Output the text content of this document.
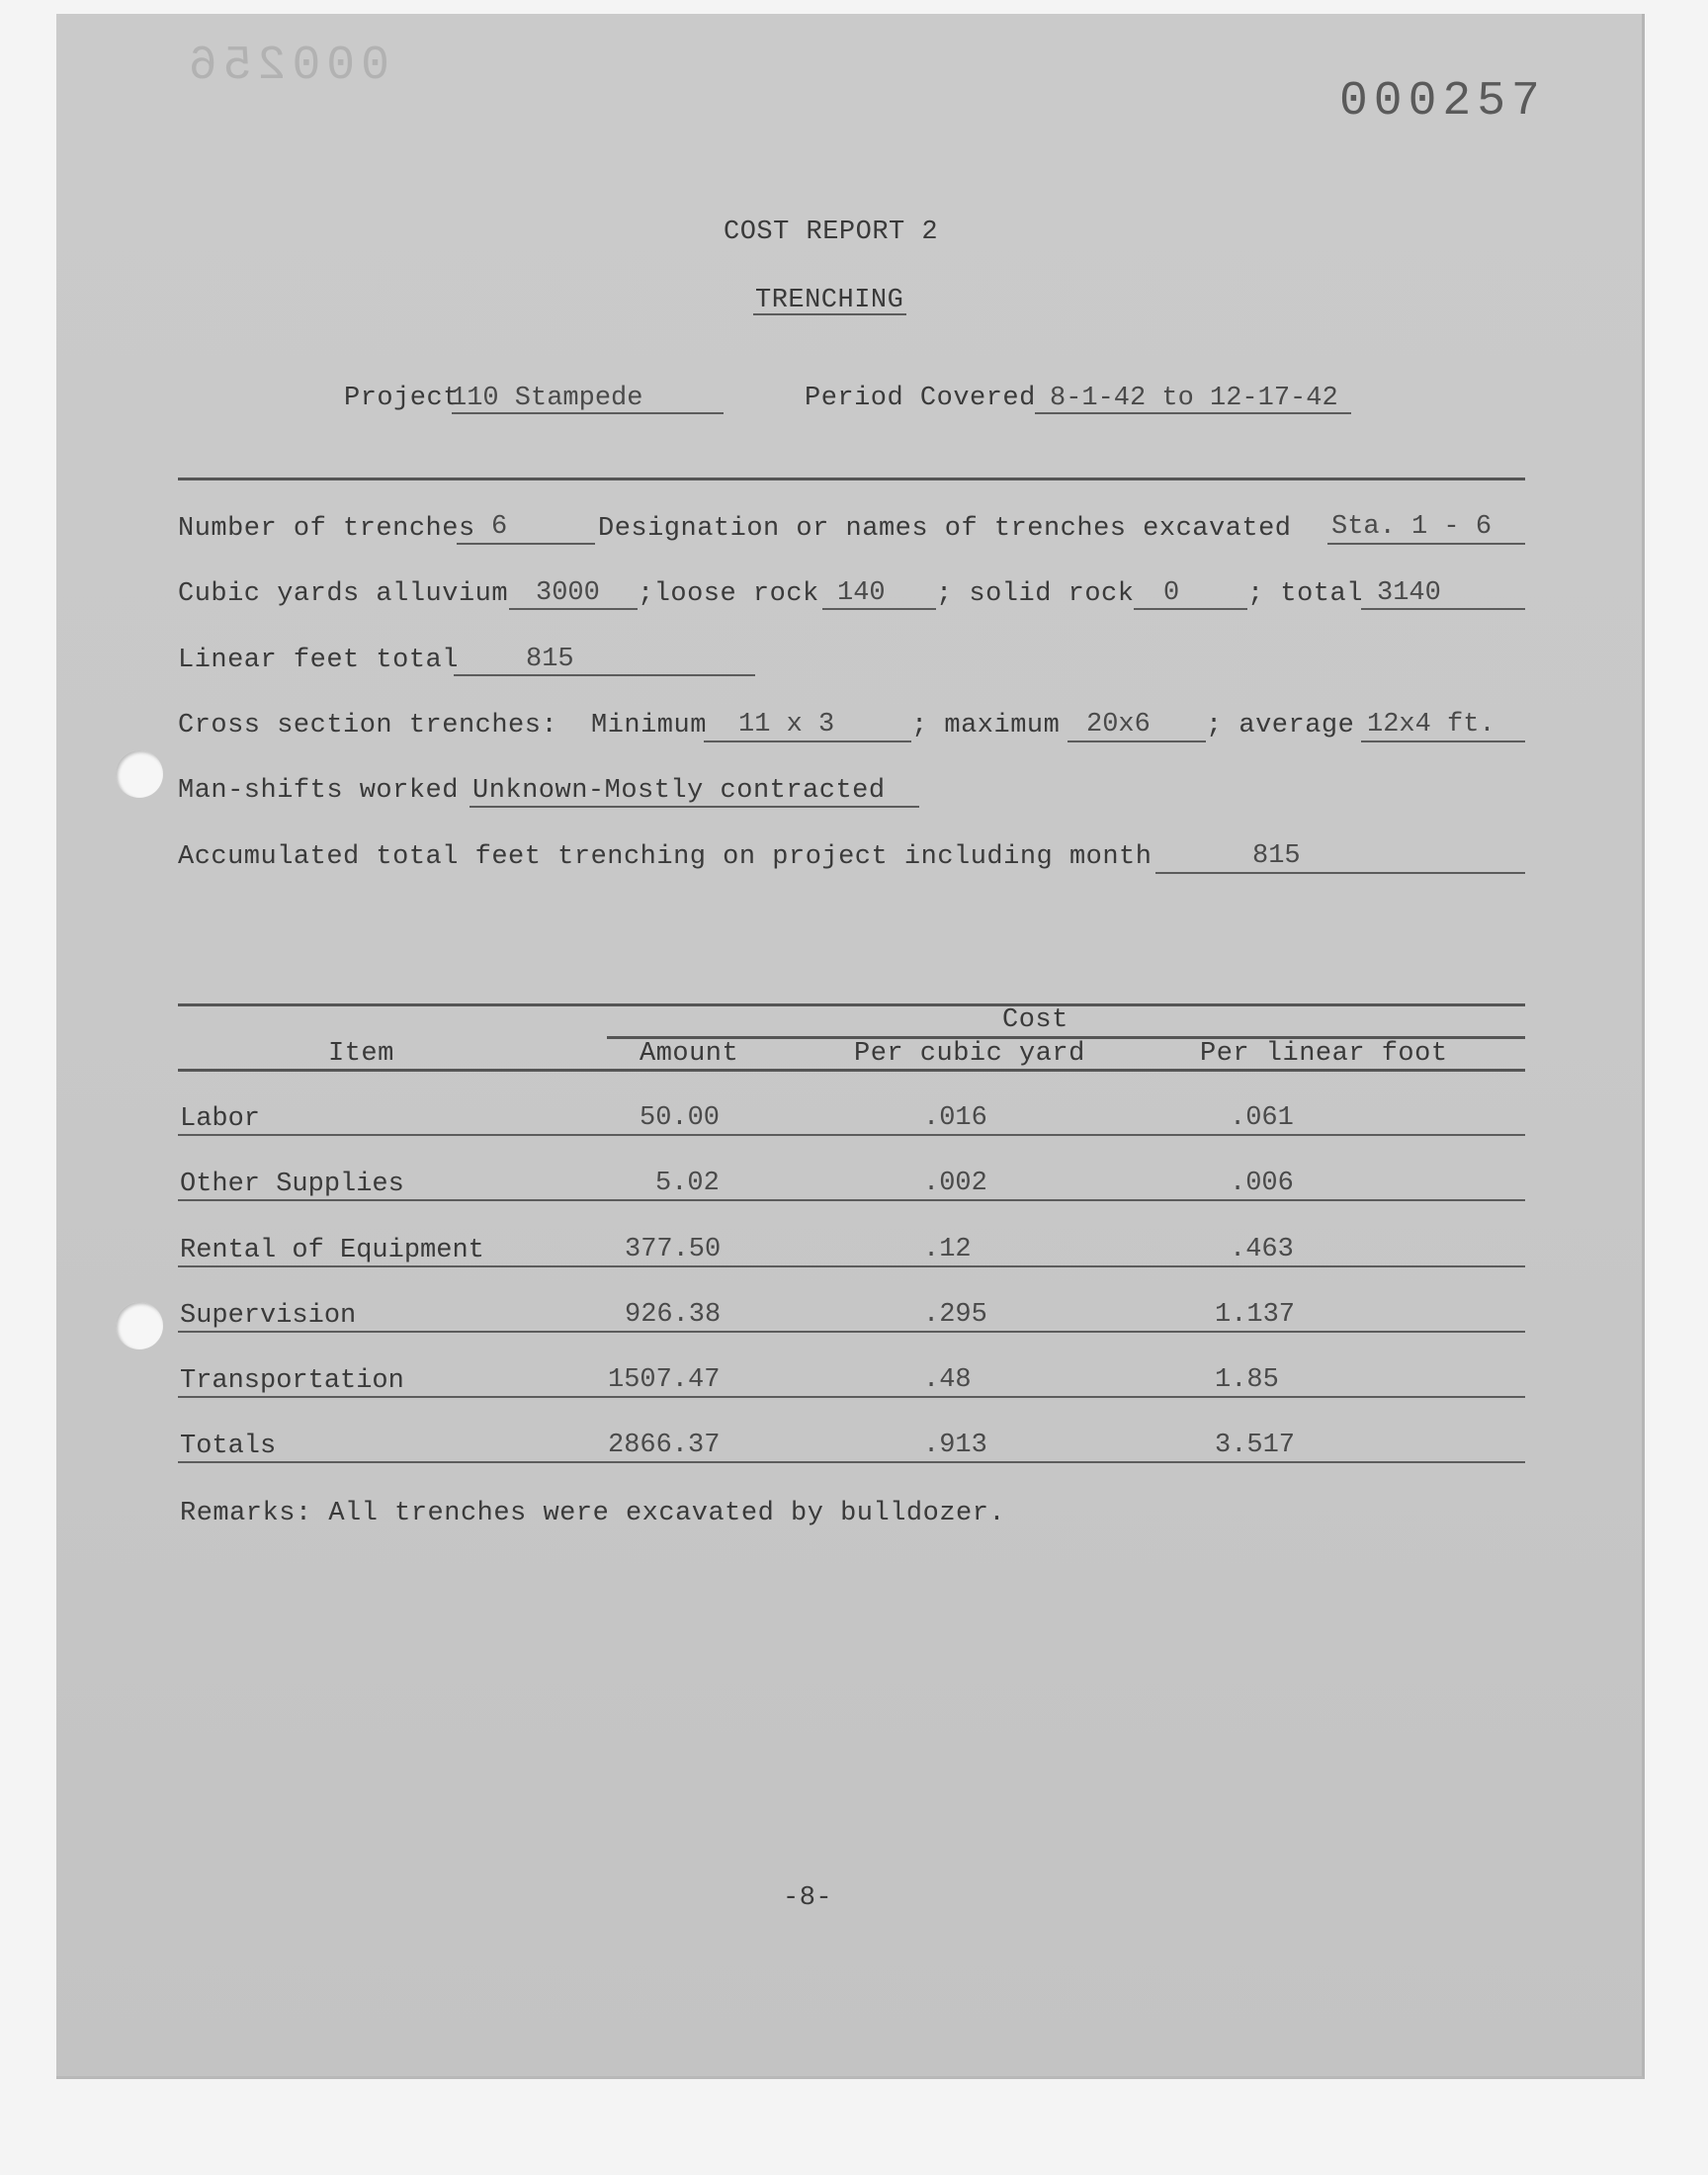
000256
000257
COST REPORT 2
TRENCHING
Project
110 Stampede	Period Covered 8-1-42 to 12-17-42
Number of trenches 6	Designation or names of trenches excavated Sta. 1 - 6
Cubic yards alluvium 3000 ;loose rock 140 ; solid rock 0	; total 3140
Linear feet total	815
Cross section trenches: Minimum 11 x 3	; maximum 20x6 ; average 12x4 ft.
Man-shifts worked Unknown-Mostly contracted
Accumulated total feet trenching on project including month	815
Cost
Item	Amount	Per cubic yard	Per linear foot
Labor	50.00	.016	.061
Other Supplies	5.02	.002	.006
Rental of Equipment	377.50	.12	.463
Supervision	926.38	.295	1.137
Transportation	1507.47	.48	1.85
Totals	2866.37	.913	3.517
Remarks: All trenches were excavated by bulldozer.
-8-
